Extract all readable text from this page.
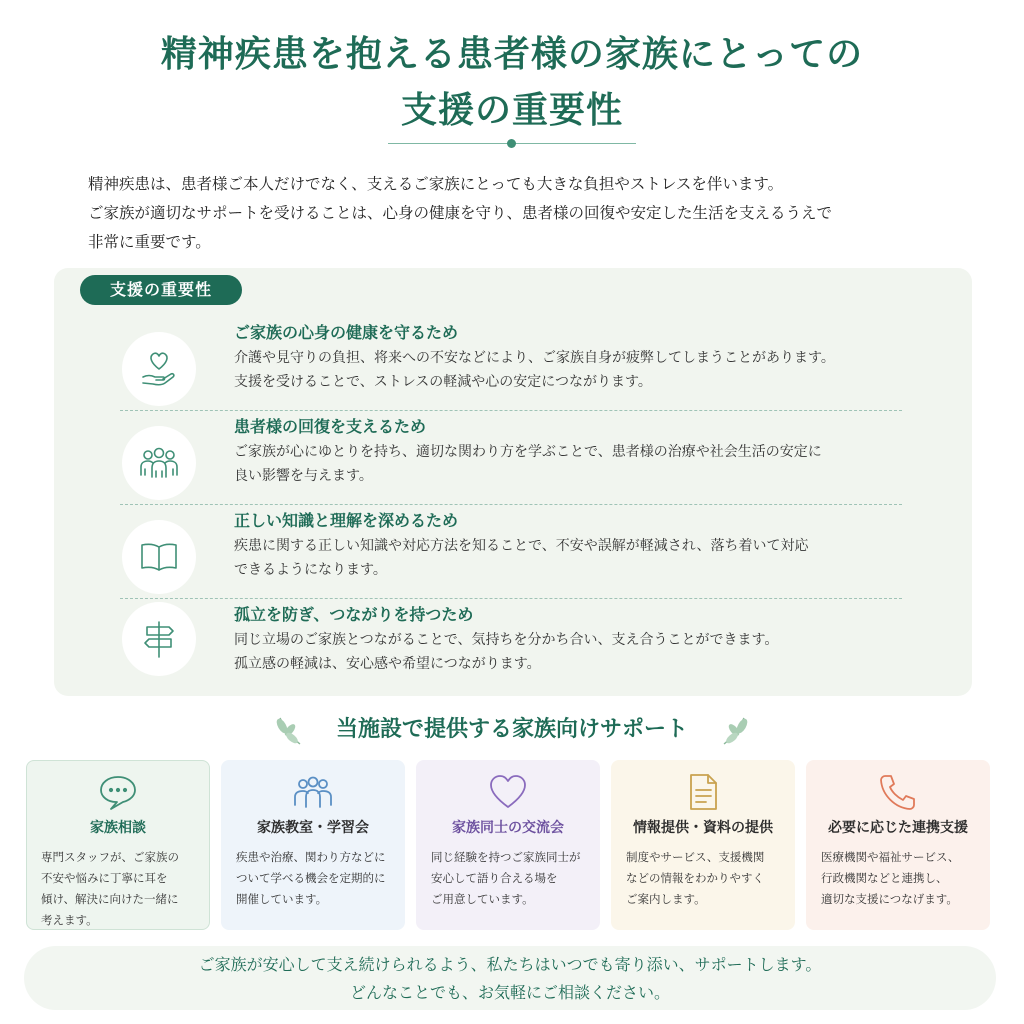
精神疾患を抱える患者様の家族にとっての
支援の重要性

精神疾患は、患者様ご本人だけでなく、支えるご家族にとっても大きな負担やストレスを伴います。

ご家族が適切なサポートを受けることは、心身の健康を守り、患者様の回復や安定した生活を支えるうえで

非常に重要です。

支援の重要性
ご家族の心身の健康を守るため
介護や見守りの負担、将来への不安などにより、ご家族自身が疲弊してしまうことがあります。
支援を受けることで、ストレスの軽減や心の安定につながります。
患者様の回復を支えるため
ご家族が心にゆとりを持ち、適切な関わり方を学ぶことで、患者様の治療や社会生活の安定に
良い影響を与えます。
正しい知識と理解を深めるため
疾患に関する正しい知識や対応方法を知ることで、不安や誤解が軽減され、落ち着いて対応
できるようになります。
孤立を防ぎ、つながりを持つため
同じ立場のご家族とつながることで、気持ちを分かち合い、支え合うことができます。
孤立感の軽減は、安心感や希望につながります。
当施設で提供する家族向けサポート
家族相談
専門スタッフが、ご家族の
不安や悩みに丁寧に耳を
傾け、解決に向けた一緒に
考えます。
家族教室・学習会
疾患や治療、関わり方などに
ついて学べる機会を定期的に
開催しています。
家族同士の交流会
同じ経験を持つご家族同士が
安心して語り合える場を
ご用意しています。
情報提供・資料の提供
制度やサービス、支援機関
などの情報をわかりやすく
ご案内します。
必要に応じた連携支援
医療機関や福祉サービス、
行政機関などと連携し、
適切な支援につなげます。
ご家族が安心して支え続けられるよう、私たちはいつでも寄り添い、サポートします。
どんなことでも、お気軽にご相談ください。
